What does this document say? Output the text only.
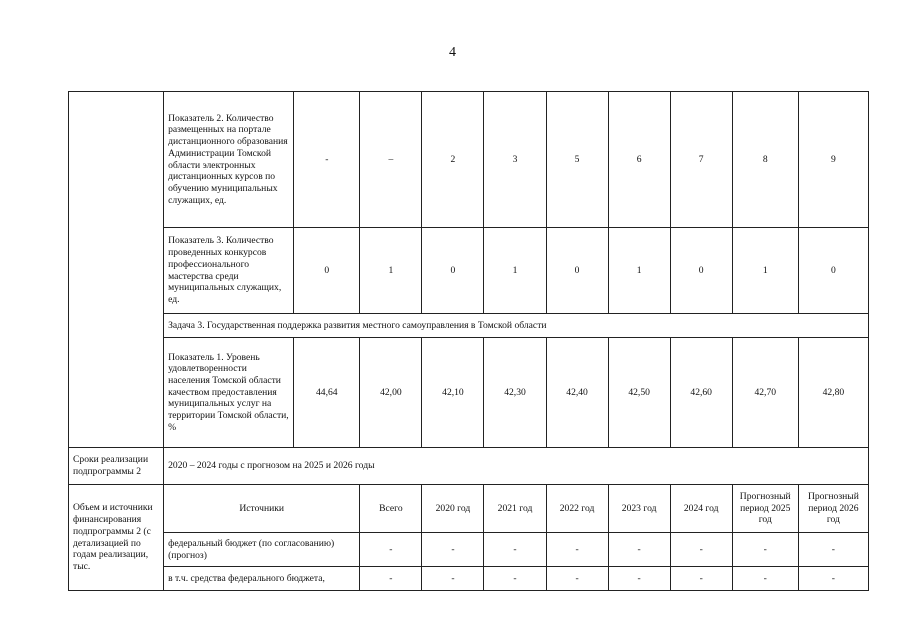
4
	Показатель 2. Количество размещенных на портале дистанционного образования Администрации Томской области электронных дистанционных курсов по обучению муниципальных служащих, ед.	-	–	2	3	5	6	7	8	9
	Показатель 3. Количество проведенных конкурсов профессионального мастерства среди муниципальных служащих, ед.	0	1	0	1	0	1	0	1	0
	Задача 3. Государственная поддержка развития местного самоуправления в Томской области									
	Показатель 1. Уровень удовлетворенности населения Томской области качеством предоставления муниципальных услуг на территории Томской области, %	44,64	42,00	42,10	42,30	42,40	42,50	42,60	42,70	42,80
Сроки реализации подпрограммы 2	2020 – 2024 годы с прогнозом на 2025 и 2026 годы									
Объем и источники финансирования подпрограммы 2 (с детализацией по годам реализации, тыс.	Источники		Всего	2020 год	2021 год	2022 год	2023 год	2024 год	Прогнозный период 2025 год	Прогнозный период 2026 год
	федеральный бюджет (по согласованию) (прогноз)		-	-	-	-	-	-	-	-
	в т.ч. средства федерального бюджета,		-	-	-	-	-	-	-	-
